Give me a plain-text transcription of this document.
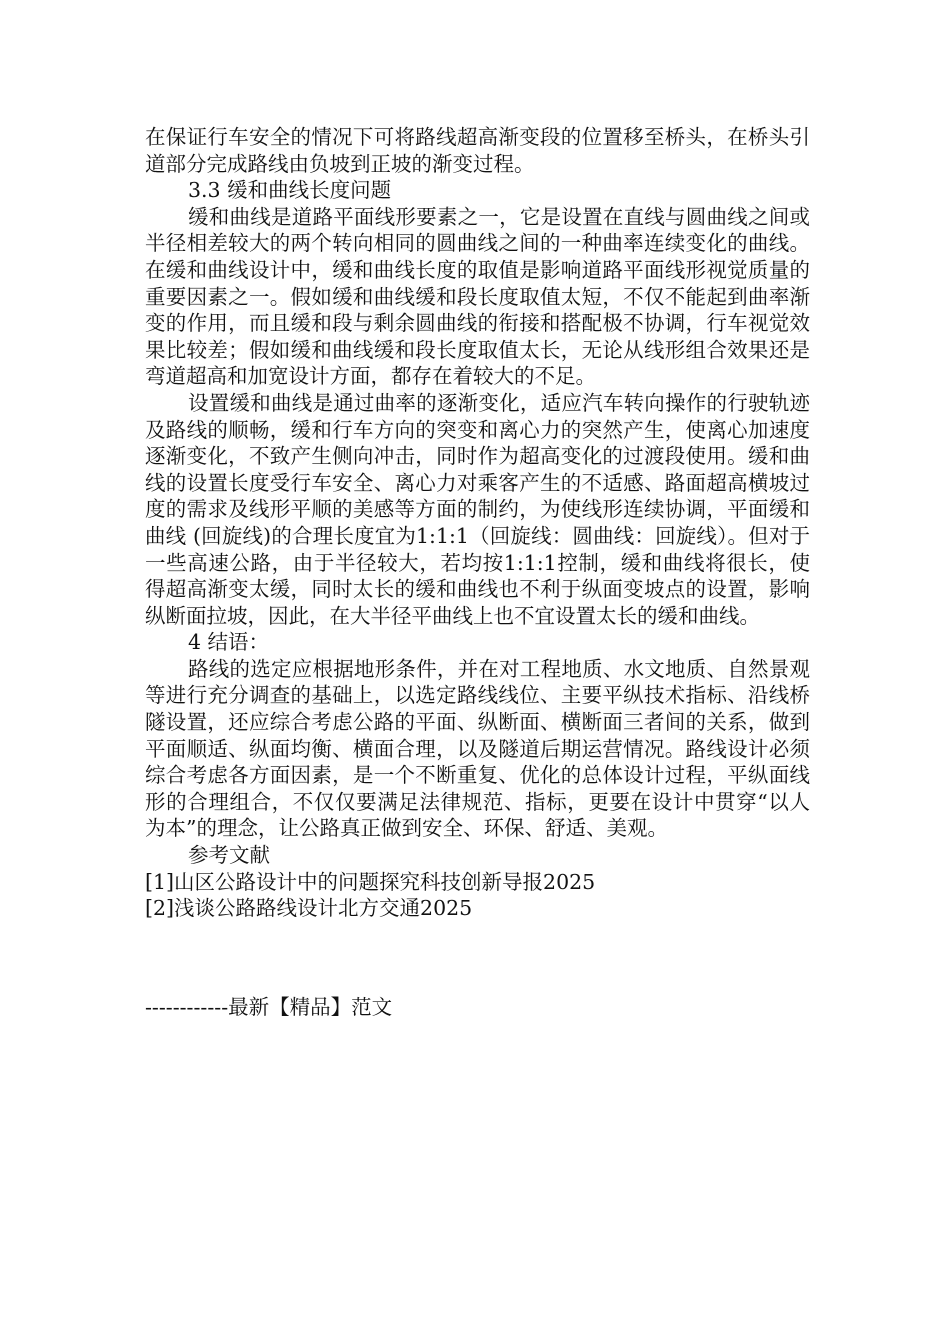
在保证行车安全的情况下可将路线超高渐变段的位置移至桥头，在桥头引道部分完成路线由负坡到正坡的渐变过程。

3.3 缓和曲线长度问题

缓和曲线是道路平面线形要素之一，它是设置在直线与圆曲线之间或半径相差较大的两个转向相同的圆曲线之间的一种曲率连续变化的曲线。在缓和曲线设计中，缓和曲线长度的取值是影响道路平面线形视觉质量的重要因素之一。假如缓和曲线缓和段长度取值太短，不仅不能起到曲率渐变的作用，而且缓和段与剩余圆曲线的衔接和搭配极不协调，行车视觉效果比较差；假如缓和曲线缓和段长度取值太长，无论从线形组合效果还是弯道超高和加宽设计方面，都存在着较大的不足。

设置缓和曲线是通过曲率的逐渐变化，适应汽车转向操作的行驶轨迹及路线的顺畅，缓和行车方向的突变和离心力的突然产生，使离心加速度逐渐变化，不致产生侧向冲击，同时作为超高变化的过渡段使用。缓和曲线的设置长度受行车安全、离心力对乘客产生的不适感、路面超高横坡过度的需求及线形平顺的美感等方面的制约，为使线形连续协调，平面缓和曲线 (回旋线)的合理长度宜为1:1:1（回旋线：圆曲线：回旋线）。但对于一些高速公路，由于半径较大，若均按1:1:1控制，缓和曲线将很长，使得超高渐变太缓，同时太长的缓和曲线也不利于纵面变坡点的设置，影响纵断面拉坡，因此，在大半径平曲线上也不宜设置太长的缓和曲线。

4 结语：

路线的选定应根据地形条件，并在对工程地质、水文地质、自然景观等进行充分调查的基础上，以选定路线线位、主要平纵技术指标、沿线桥隧设置，还应综合考虑公路的平面、纵断面、横断面三者间的关系，做到平面顺适、纵面均衡、横面合理，以及隧道后期运营情况。路线设计必须综合考虑各方面因素，是一个不断重复、优化的总体设计过程，平纵面线形的合理组合，不仅仅要满足法律规范、指标，更要在设计中贯穿“以人为本”的理念，让公路真正做到安全、环保、舒适、美观。

参考文献

[1]山区公路设计中的问题探究科技创新导报2025

[2]浅谈公路路线设计北方交通2025

------------最新【精品】范文
